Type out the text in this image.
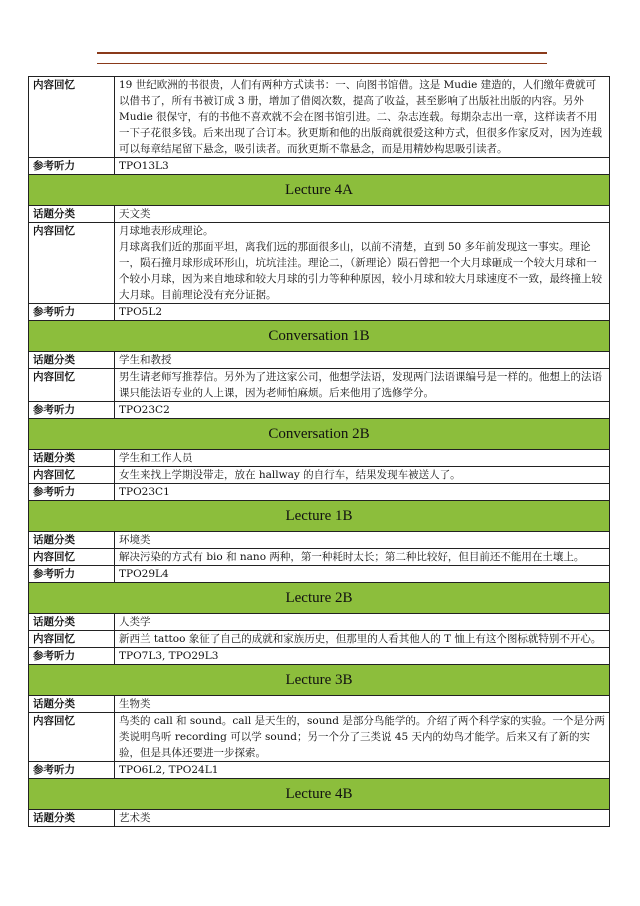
内容回忆	19 世纪欧洲的书很贵，人们有两种方式读书：一、向图书馆借。这是 Mudie 建造的，人们缴年费就可以借书了，所有书被订成 3 册，增加了借阅次数，提高了收益，甚至影响了出版社出版的内容。另外 Mudie 很保守，有的书他不喜欢就不会在图书馆引进。二、杂志连载。每期杂志出一章，这样读者不用一下子花很多钱。后来出现了合订本。狄更斯和他的出版商就很爱这种方式，但很多作家反对，因为连载可以每章结尾留下悬念，吸引读者。而狄更斯不靠悬念，而是用精妙构思吸引读者。
参考听力	TPO13L3
Lecture 4A	
话题分类	天文类
内容回忆	月球地表形成理论。
月球离我们近的那面平坦，离我们远的那面很多山，以前不清楚，直到 50 多年前发现这一事实。理论一，陨石撞月球形成环形山，坑坑洼洼。理论二，（新理论）陨石曾把一个大月球砸成一个较大月球和一个较小月球，因为来自地球和较大月球的引力等种种原因，较小月球和较大月球速度不一致，最终撞上较大月球。目前理论没有充分证据。
参考听力	TPO5L2
Conversation 1B	
话题分类	学生和教授
内容回忆	男生请老师写推荐信。另外为了进这家公司，他想学法语，发现两门法语课编号是一样的。他想上的法语课只能法语专业的人上课，因为老师怕麻烦。后来他用了选修学分。
参考听力	TPO23C2
Conversation 2B	
话题分类	学生和工作人员
内容回忆	女生来找上学期没带走，放在 hallway 的自行车，结果发现车被送人了。
参考听力	TPO23C1
Lecture 1B	
话题分类	环境类
内容回忆	解决污染的方式有 bio 和 nano 两种，第一种耗时太长；第二种比较好，但目前还不能用在土壤上。
参考听力	TPO29L4
Lecture 2B	
话题分类	人类学
内容回忆	新西兰 tattoo 象征了自己的成就和家族历史，但那里的人看其他人的 T 恤上有这个图标就特别不开心。
参考听力	TPO7L3, TPO29L3
Lecture 3B	
话题分类	生物类
内容回忆	鸟类的 call 和 sound。call 是天生的，sound 是部分鸟能学的。介绍了两个科学家的实验。一个是分两类说明鸟听 recording 可以学 sound；另一个分了三类说 45 天内的幼鸟才能学。后来又有了新的实验，但是具体还要进一步探索。
参考听力	TPO6L2, TPO24L1
Lecture 4B	
话题分类	艺术类
